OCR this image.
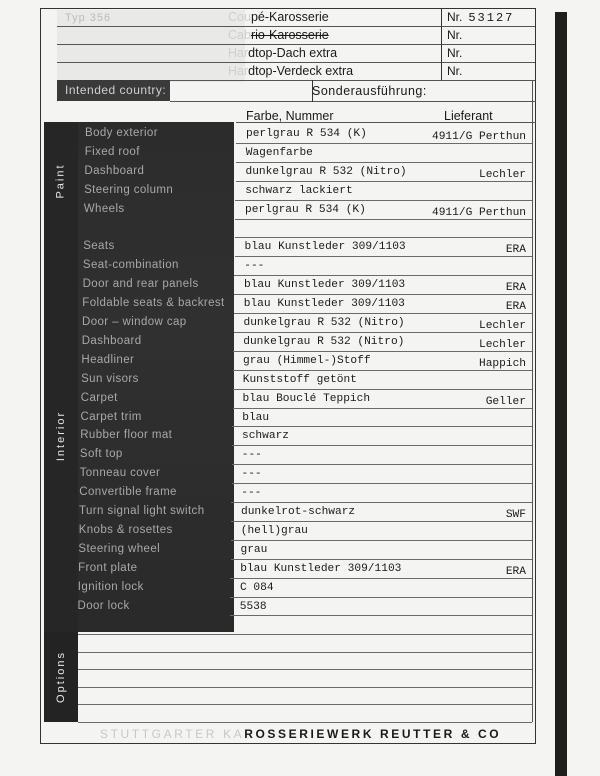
Typ 356	Coupé-Karosserie	Nr. 53127
Cabrio-Karosserie	Nr.
Hardtop-Dach extra	Nr.
Hardtop-Verdeck extra	Nr.
Intended country:	Sonderausführung:
Farbe, Nummer	Lieferant
Paint
Interior
Body exterior	perlgrau R 534 (K)	4911/G Perthun
Fixed roof	Wagenfarbe
Dashboard	dunkelgrau R 532 (Nitro)	Lechler
Steering column	schwarz lackiert
Wheels	perlgrau R 534 (K)	4911/G Perthun
Seats	blau Kunstleder 309/1103	ERA
Seat-combination	---
Door and rear panels	blau Kunstleder 309/1103	ERA
Foldable seats & backrest	blau Kunstleder 309/1103	ERA
Door – window cap	dunkelgrau R 532 (Nitro)	Lechler
Dashboard	dunkelgrau R 532 (Nitro)	Lechler
Headliner	grau (Himmel-)Stoff	Happich
Sun visors	Kunststoff getönt
Carpet	blau Bouclé Teppich	Geller
Carpet trim	blau
Rubber floor mat	schwarz
Soft top	---
Tonneau cover	---
Convertible frame	---
Turn signal light switch	dunkelrot-schwarz	SWF
Knobs & rosettes	(hell)grau
Steering wheel	grau
Front plate	blau Kunstleder 309/1103	ERA
Ignition lock	C 084
Door lock	5538
Options
STUTTGARTER KAROSSERIEWERK REUTTER & CO
